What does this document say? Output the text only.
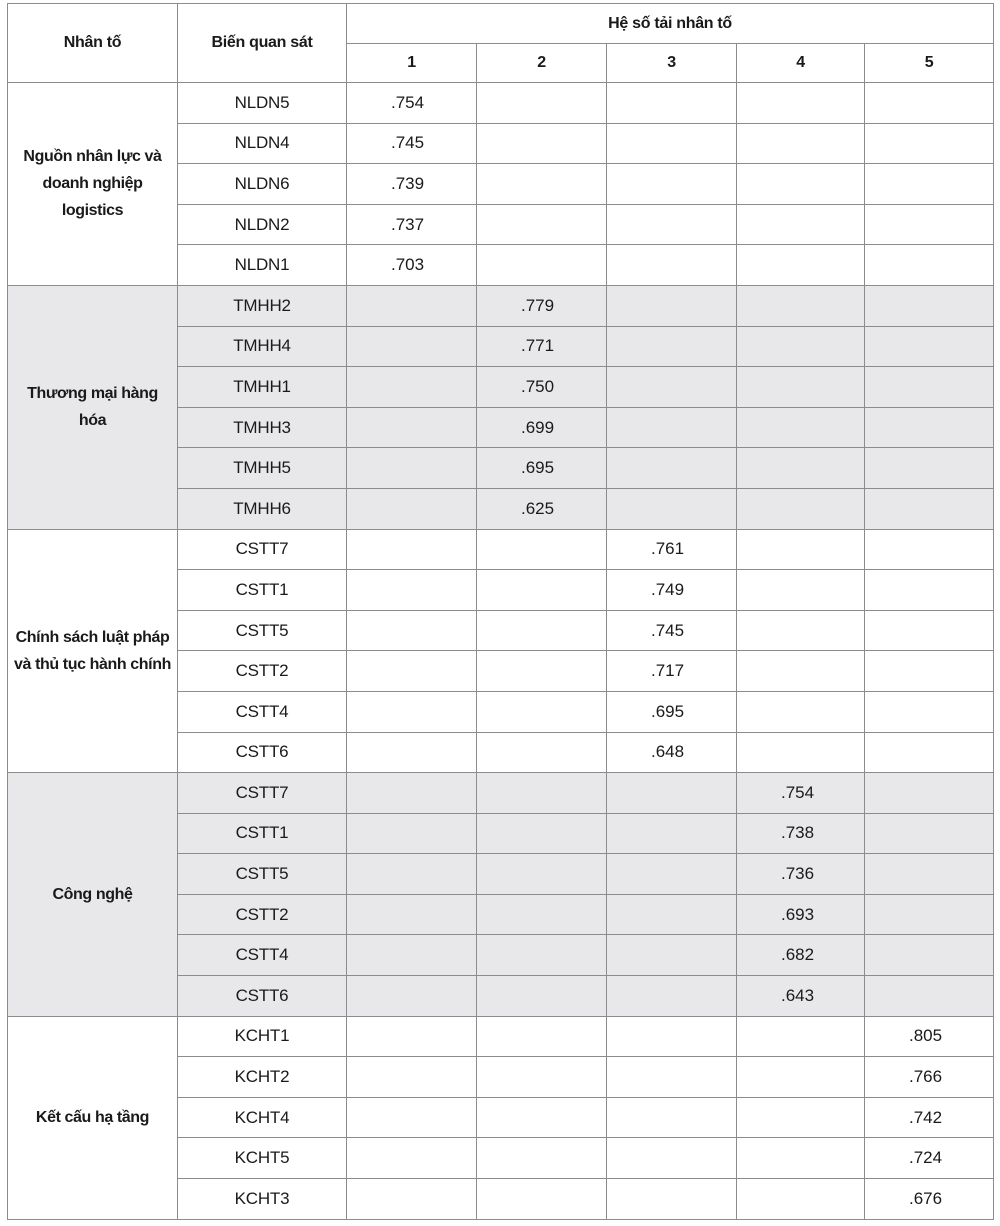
Nhân tố	Biến quan sát	Hệ số tải nhân tố				
		1	2	3	4	5
Nguồn nhân lực và doanh nghiệp logistics	NLDN5	.754				
	NLDN4	.745				
	NLDN6	.739				
	NLDN2	.737				
	NLDN1	.703				
Thương mại hàng hóa	TMHH2		.779			
	TMHH4		.771			
	TMHH1		.750			
	TMHH3		.699			
	TMHH5		.695			
	TMHH6		.625			
Chính sách luật pháp và thủ tục hành chính	CSTT7			.761		
	CSTT1			.749		
	CSTT5			.745		
	CSTT2			.717		
	CSTT4			.695		
	CSTT6			.648		
Công nghệ	CSTT7				.754	
	CSTT1				.738	
	CSTT5				.736	
	CSTT2				.693	
	CSTT4				.682	
	CSTT6				.643	
Kết cấu hạ tầng	KCHT1					.805
	KCHT2					.766
	KCHT4					.742
	KCHT5					.724
	KCHT3					.676
